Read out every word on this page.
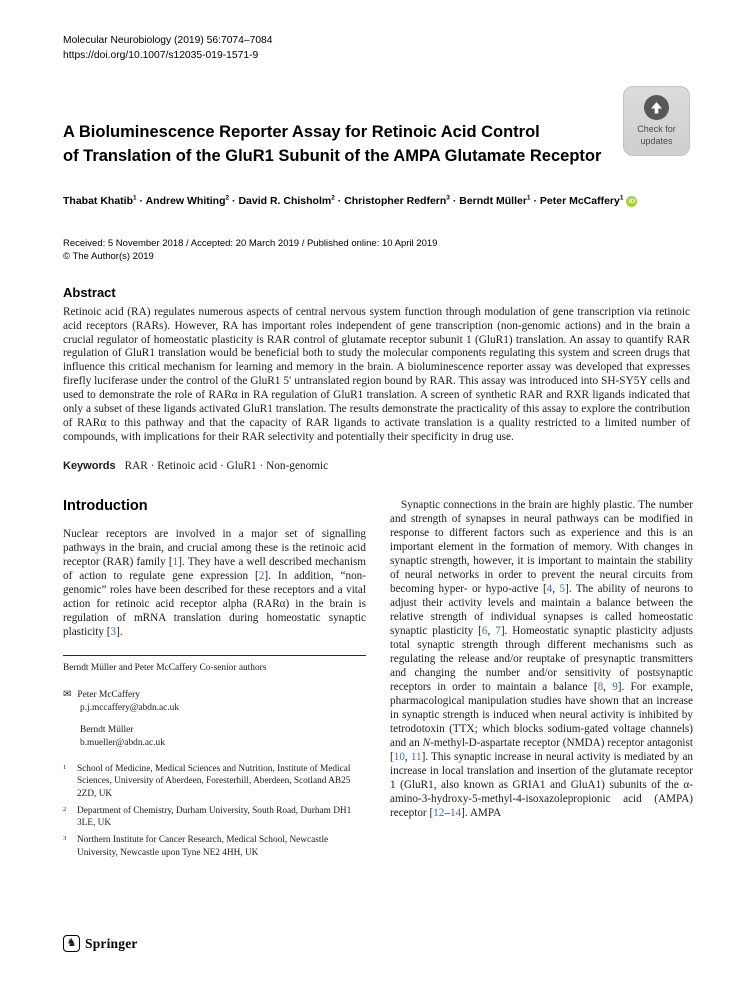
Molecular Neurobiology (2019) 56:7074–7084
https://doi.org/10.1007/s12035-019-1571-9
Check for
updates
A Bioluminescence Reporter Assay for Retinoic Acid Control
of Translation of the GluR1 Subunit of the AMPA Glutamate Receptor
Thabat Khatib$^1$ · Andrew Whiting$^2$ · David R. Chisholm$^2$ · Christopher Redfern$^3$ · Berndt Müller$^1$ · Peter McCaffery$^1$ iD
Received: 5 November 2018 / Accepted: 20 March 2019 / Published online: 10 April 2019
© The Author(s) 2019
Abstract

Retinoic acid (RA) regulates numerous aspects of central nervous system function through modulation of gene transcription via retinoic acid receptors (RARs). However, RA has important roles independent of gene transcription (non-genomic actions) and in the brain a crucial regulator of homeostatic plasticity is RAR control of glutamate receptor subunit 1 (GluR1) translation. An assay to quantify RAR regulation of GluR1 translation would be beneficial both to study the molecular components regulating this system and screen drugs that influence this critical mechanism for learning and memory in the brain. A bioluminescence reporter assay was developed that expresses firefly luciferase under the control of the GluR1 5′ untranslated region bound by RAR. This assay was introduced into SH-SY5Y cells and used to demonstrate the role of RARα in RA regulation of GluR1 translation. A screen of synthetic RAR and RXR ligands indicated that only a subset of these ligands activated GluR1 translation. The results demonstrate the practicality of this assay to explore the contribution of RARα to this pathway and that the capacity of RAR ligands to activate translation is a quality restricted to a limited number of compounds, with implications for their RAR selectivity and potentially their specificity in drug use.

Keywords RAR · Retinoic acid · GluR1 · Non-genomic
Introduction

Nuclear receptors are involved in a major set of signalling pathways in the brain, and crucial among these is the retinoic acid receptor (RAR) family [1]. They have a well described mechanism of action to regulate gene expression [2]. In addition, “non-genomic” roles have been described for these receptors and a vital action for retinoic acid receptor alpha (RARα) in the brain is regulation of mRNA translation during homeostatic synaptic plasticity [3].

Berndt Müller and Peter McCaffery Co-senior authors

✉ Peter McCaffery
p.j.mccaffery@abdn.ac.uk
Berndt Müller
b.mueller@abdn.ac.uk
1	School of Medicine, Medical Sciences and Nutrition, Institute of Medical Sciences, University of Aberdeen, Foresterhill, Aberdeen, Scotland AB25 2ZD, UK
2	Department of Chemistry, Durham University, South Road, Durham DH1 3LE, UK
3	Northern Institute for Cancer Research, Medical School, Newcastle University, Newcastle upon Tyne NE2 4HH, UK

Synaptic connections in the brain are highly plastic. The number and strength of synapses in neural pathways can be modified in response to different factors such as experience and this is an important element in the formation of memory. With changes in synaptic strength, however, it is important to maintain the stability of neural networks in order to prevent the neural circuits from becoming hyper- or hypo-active [4, 5]. The ability of neurons to adjust their activity levels and maintain a balance between the relative strength of individual synapses is called homeostatic synaptic plasticity [6, 7]. Homeostatic synaptic plasticity adjusts total synaptic strength through different mechanisms such as regulating the release and/or reuptake of presynaptic transmitters and changing the number and/or sensitivity of postsynaptic receptors in order to maintain a balance [8, 9]. For example, pharmacological manipulation studies have shown that an increase in synaptic strength is induced when neural activity is inhibited by tetrodotoxin (TTX; which blocks sodium-gated voltage channels) and an N-methyl-D-aspartate receptor (NMDA) receptor antagonist [10, 11]. This synaptic increase in neural activity is mediated by an increase in local translation and insertion of the glutamate receptor 1 (GluR1, also known as GRIA1 and GluA1) subunits of the α-amino-3-hydroxy-5-methyl-4-isoxazolepropionic acid (AMPA) receptor [12–14]. AMPA

♞ Springer
